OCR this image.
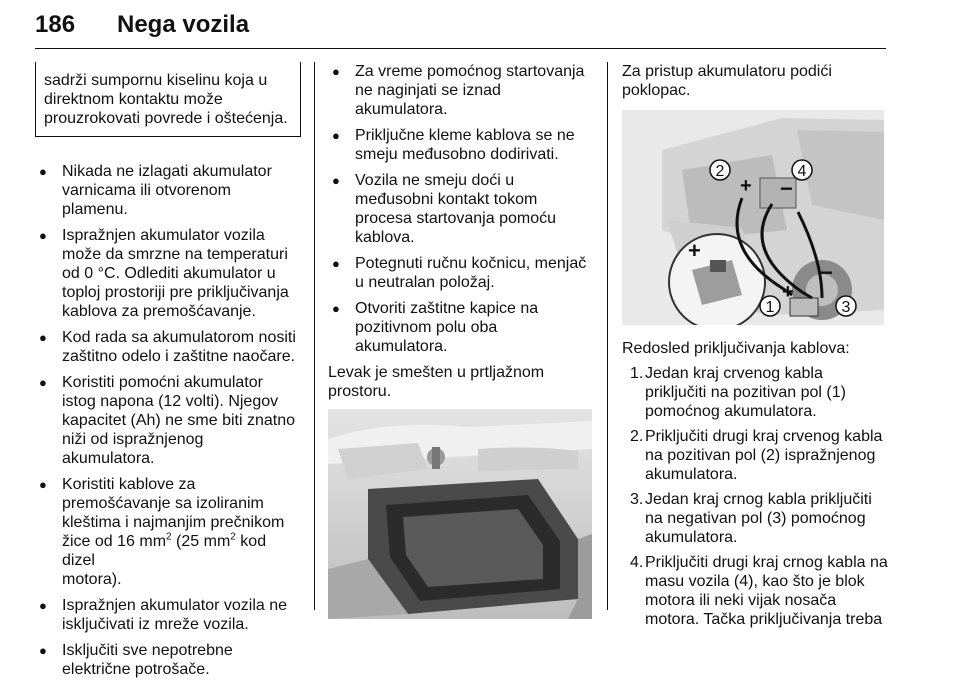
186 Nega vozila

sadrži sumpornu kiselinu koja u

direktnom kontaktu može

prouzrokovati povrede i oštećenja.

● Nikada ne izlagati akumulator
varnicama ili otvorenom
plamenu.
● Ispražnjen akumulator vozila
može da smrzne na temperaturi
od 0 °C. Odlediti akumulator u
toploj prostoriji pre priključivanja
kablova za premošćavanje.
● Kod rada sa akumulatorom nositi
zaštitno odelo i zaštitne naočare.
● Koristiti pomoćni akumulator
istog napona (12 volti). Njegov
kapacitet (Ah) ne sme biti znatno
niži od ispražnjenog
akumulatora.
● Koristiti kablove za
premošćavanje sa izoliranim
kleštima i najmanjim prečnikom
žice od 16 $mm^2$ (25 $mm^2$ kod dizel
motora).
● Ispražnjen akumulator vozila ne
isključivati iz mreže vozila.
● Isključiti sve nepotrebne
električne potrošače.
● Za vreme pomoćnog startovanja
ne naginjati se iznad
akumulatora.
● Priključne kleme kablova se ne
smeju međusobno dodirivati.
● Vozila ne smeju doći u
međusobni kontakt tokom
procesa startovanja pomoću
kablova.
● Potegnuti ručnu kočnicu, menjač
u neutralan položaj.
● Otvoriti zaštitne kapice na
pozitivnom polu oba
akumulatora.

Levak je smešten u prtljažnom
prostoru.

Za pristup akumulatoru podići
poklopac.

+ −
+
+
−
2	4
1	3

Redosled priključivanja kablova:

1. Jedan kraj crvenog kabla
priključiti na pozitivan pol (1)
pomoćnog akumulatora.
2. Priključiti drugi kraj crvenog kabla
na pozitivan pol (2) ispražnjenog
akumulatora.
3. Jedan kraj crnog kabla priključiti
na negativan pol (3) pomoćnog
akumulatora.
4. Priključiti drugi kraj crnog kabla na
masu vozila (4), kao što je blok
motora ili neki vijak nosača
motora. Tačka priključivanja treba
